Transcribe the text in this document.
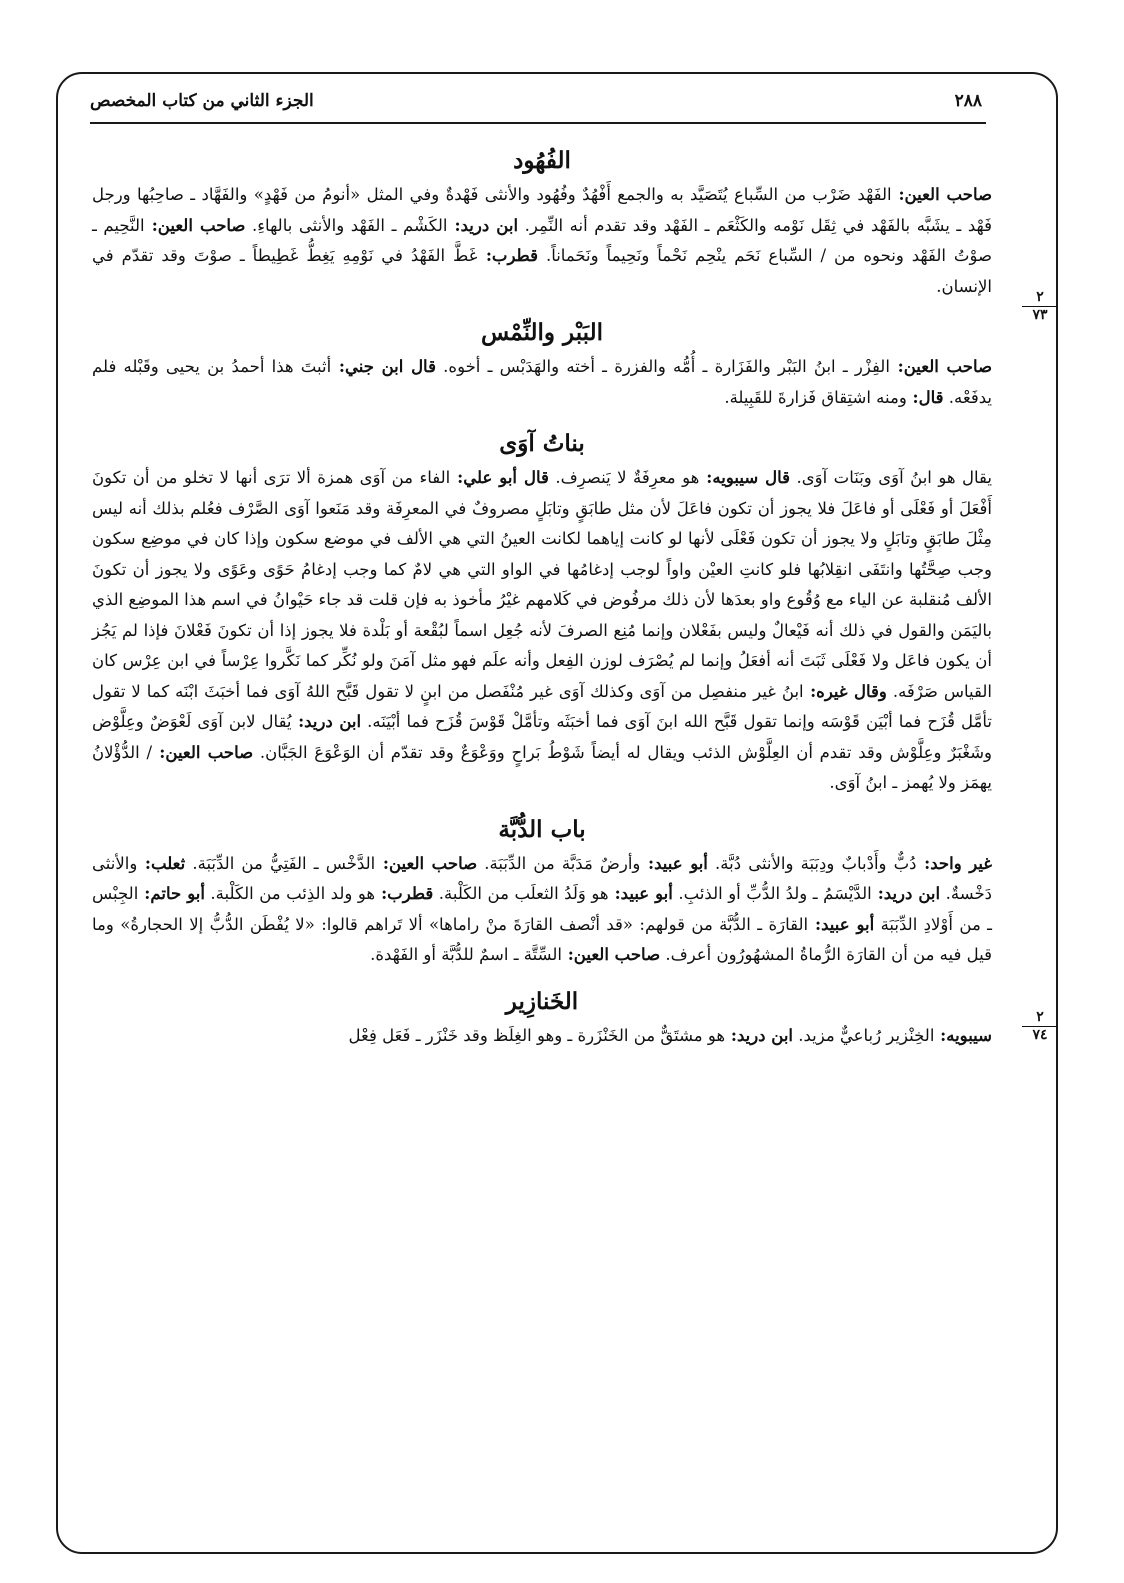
٢٨٨
الجزء الثاني من كتاب المخصص
٢
٧٣
٢
٧٤
الفُهُود

صاحب العين: الفَهْد ضَرْب من السِّباع يُتَصَيَّد به والجمع أَفْهُدٌ وفُهُود والأنثى فَهْدةٌ وفي المثل «أنومُ من فَهْدٍ» والفَهَّاد ـ صاحِبُها ورجل فَهْد ـ يشَبَّه بالفَهْد في ثِقَل نَوْمه والكَثْعَم ـ الفَهْد وقد تقدم أنه النِّمِر. ابن دريد: الكَشْم ـ الفَهْد والأنثى بالهاءِ. صاحب العين: النَّحِيم ـ صوْتُ الفَهْد ونحوه من / السِّباع نَحَم ينْحِم نَحْماً ونَحِيماً ونَحَماناً. قطرب: غَطَّ الفَهْدُ في نَوْمِهِ يَغِطُّ غَطِيطاً ـ صوْتَ وقد تقدّم في الإنسان.

البَبْر والنِّمْس

صاحب العين: الفِزْر ـ ابنُ البَبْر والفَزَارة ـ أُمُّه والفزرة ـ أخته والهَدَبْس ـ أخوه. قال ابن جني: أثبتَ هذا أحمدُ بن يحيى وقَبْله فلم يدفَعْه. قال: ومنه اشتِقاق فَزارةَ للقَبِيلة.

بناتُ آوَى

يقال هو ابنُ آوَى وبَنَات آوَى. قال سيبويه: هو معرِفَةٌ لا يَنصرِف. قال أبو علي: الفاء من آوَى همزة ألا ترَى أنها لا تخلو من أن تكونَ أَفْعَلَ أو فَعْلَى أو فاعَلَ فلا يجوز أن تكون فاعَلَ لأن مثل طابَقٍ وتابَلٍ مصروفٌ في المعرِفَة وقد مَنَعوا آوَى الصَّرْف فعُلم بذلك أنه ليس مِثْلَ طابَقٍ وتابَلٍ ولا يجوز أن تكون فَعْلَى لأنها لو كانت إياهما لكانت العينُ التي هي الألف في موضع سكون وإذا كان في موضِع سكون وجب صِحَّتُها وانتَفَى انقِلابُها فلو كانتِ العيْن واواً لوجب إدغامُها في الواو التي هي لامٌ كما وجب إدغامُ حَوًى وعَوًى ولا يجوز أن تكونَ الألف مُنقلبة عن الياء مع وُقُوع واو بعدَها لأن ذلك مرفُوض في كَلامهم غيْرُ مأخوذ به فإن قلت قد جاء حَيْوانُ في اسم هذا الموضِع الذي باليَمَن والقول في ذلك أنه فَيْعالٌ وليس بفَعْلان وإنما مُنِع الصرفَ لأنه جُعِل اسماً لبُقْعة أو بَلْدة فلا يجوز إذا أن تكونَ فَعْلانَ فإذا لم يَجُز أن يكون فاعَل ولا فَعْلَى ثَبَتَ أنه أفعَلُ وإنما لم يُصْرَف لوزن الفِعل وأنه علَم فهو مثل آمَنَ ولو نُكِّر كما نَكَّروا عِرْساً في ابن عِرْس كان القياس صَرْفَه. وقال غيره: ابنُ غير منفصِل من آوَى وكذلك آوَى غير مُنْفَصل من ابنٍ لا تقول قَبَّح اللهُ آوَى فما أخبَثَ ابْنَه كما لا تقول تأمَّل قُزَح فما أبْيَن قَوْسَه وإنما تقول قَبَّح الله ابنَ آوَى فما أخبَثَه وتأمَّلْ قَوْسَ قُزَح فما أبْيَنَه. ابن دريد: يُقال لابن آوَى لَعْوَضٌ وعِلَّوْض وشَغْبَرٌ وعِلَّوْش وقد تقدم أن العِلَّوْش الذئب ويقال له أيضاً شَوْطُ بَراحٍ ووَعْوَعٌ وقد تقدّم أن الوَعْوَعَ الجَبَّان. صاحب العين: / الدُّؤْلانُ يهمَز ولا يُهمز ـ ابنُ آوَى.

باب الدُّبَّة

غير واحد: دُبٌّ وأَدْبابٌ ودِبَبَة والأنثى دُبَّة. أبو عبيد: وأرضٌ مَدَبَّة من الدِّبَبَة. صاحب العين: الدَّخْس ـ الفَتِيُّ من الدِّبَبَة. ثعلب: والأنثى دَخْسةٌ. ابن دريد: الدَّيْسَمُ ـ ولدُ الدُّبِّ أو الذئبِ. أبو عبيد: هو وَلَدُ الثعلَب من الكَلْبة. قطرب: هو ولد الذِئب من الكَلْبة. أبو حاتم: الجِبْس ـ من أَوْلادِ الدِّبَبَة أبو عبيد: القارَة ـ الدُّبَّة من قولهم: «قد أنْصف القارَةَ منْ راماها» ألا تَراهم قالوا: «لا يُفْطَن الدُّبُّ إلا الحجارةُ» وما قيل فيه من أن القارَة الرُّماةُ المشهُورُون أعرف. صاحب العين: السِّتَّة ـ اسمٌ للدُّبَّة أو الفَهْدة.

الخَنازِير

سيبويه: الخِنْزير رُباعيٌّ مزيد. ابن دريد: هو مشتَقٌّ من الخَنْزَرة ـ وهو الغِلَظ وقد خَنْزَر ـ فَعَل فِعْل
